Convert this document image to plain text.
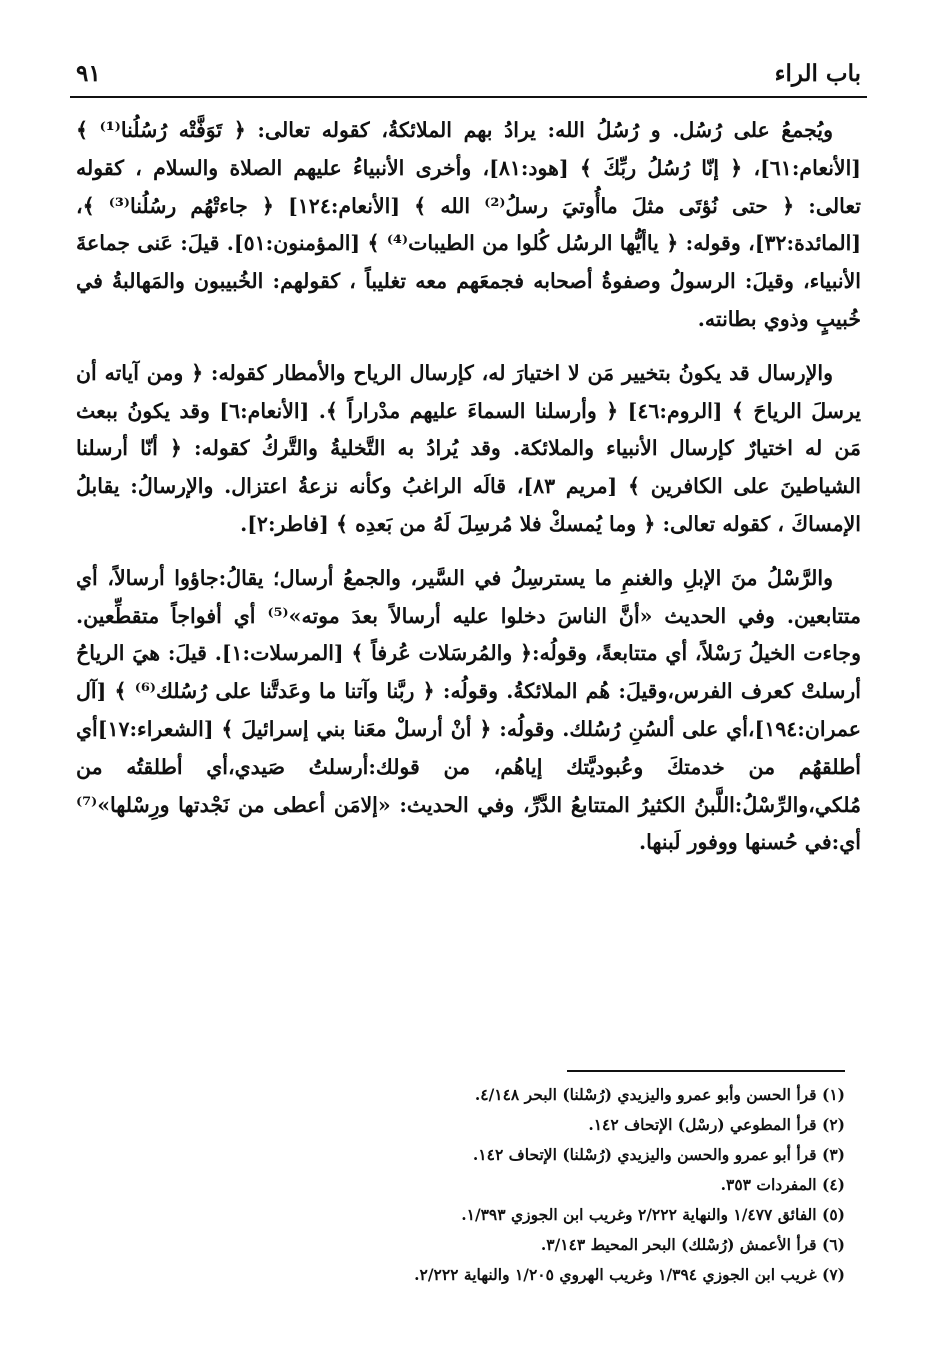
باب الراء
٩١

ويُجمعُ على رُسُل. و رُسُلُ الله: يرادُ بهم الملائكةُ، كقوله تعالى: ﴿ تَوَفَّتْه رُسُلُنا⁽¹⁾ ﴾ [الأنعام:٦١]، ﴿ إنّا رُسُلُ ربِّكَ ﴾ [هود:٨١]، وأخرى الأنبياءُ عليهم الصلاة والسلام ، كقوله تعالى: ﴿ حتى نُؤتَى مثلَ ماأُوتيَ رسلُ⁽²⁾ الله ﴾ [الأنعام:١٢٤] ﴿ جاءتْهُم رسُلُنا⁽³⁾ ﴾، [المائدة:٣٢]، وقوله: ﴿ ياأيُّها الرسُل كُلوا من الطيبات⁽⁴⁾ ﴾ [المؤمنون:٥١]. قيلَ: عَنى جماعةَ الأنبياء، وقيلَ: الرسولُ وصفوةُ أصحابه فجمعَهم معه تغليباً ، كقولهم: الخُبيبون والمَهالبةُ في خُبيبٍ وذوي بطانته.

والإرسال قد يكونُ بتخيير مَن لا اختيارَ له، كإرسال الرياح والأمطار كقوله: ﴿ ومن آياته أن يرسلَ الرياحَ ﴾ [الروم:٤٦] ﴿ وأرسلنا السماءَ عليهم مدْراراً ﴾. [الأنعام:٦] وقد يكونُ ببعث مَن له اختيارٌ كإرسال الأنبياء والملائكة. وقد يُرادُ به التَّخليةُ والتَّركُ كقوله: ﴿ أنّا أرسلنا الشياطينَ على الكافرين ﴾ [مريم ٨٣]، قالَه الراغبُ وكأنه نزعةُ اعتزال. والإرسالُ: يقابلُ الإمساكَ ، كقوله تعالى: ﴿ وما يُمسكْ فلا مُرسِلَ لَهُ من بَعدِه ﴾ [فاطر:٢].

والرَّسْلُ منَ الإبلِ والغنمِ ما يسترسِلُ في السَّير، والجمعُ أرسال؛ يقالُ:جاؤوا أرسالاً، أي متتابعين. وفي الحديث «أنَّ الناسَ دخلوا عليه أرسالاً بعدَ موته»⁽⁵⁾ أي أفواجاً متقطِّعين. وجاءت الخيلُ رَسْلاً، أي متتابعةً، وقولُه:﴿ والمُرسَلات عُرفاً ﴾ [المرسلات:١]. قيلَ: هيَ الرياحُ أرسلتْ كعرف الفرس،وقيلَ: هُم الملائكةُ. وقولُه: ﴿ ربَّنا وآتنا ما وعَدتَّنا على رُسُلك⁽⁶⁾ ﴾ [آل عمران:١٩٤]،أي على ألسُنِ رُسُلك. وقولُه: ﴿ أنْ أرسلْ معَنا بني إسرائيلَ ﴾ [الشعراء:١٧]أي أطلقهُم من خدمتكَ وعُبوديَّتك إياهُم، من قولك:أرسلتُ صَيدي،أي أطلقتُه من مُلكي،والرِّسْلُ:اللَّبنُ الكثيرُ المتتابعُ الدَّرِّ، وفي الحديث: «إلامَن أعطى من نَجْدتها ورِسْلها»⁽⁷⁾ أي:في حُسنها ووفور لَبنها.

(١) قرأ الحسن وأبو عمرو واليزيدي (رُسْلنا) البحر ٤/١٤٨.
(٢) قرأ المطوعي (رسْل) الإتحاف ١٤٢.
(٣) قرأ أبو عمرو والحسن واليزيدي (رُسْلنا) الإتحاف ١٤٢.
(٤) المفردات ٣٥٣.
(٥) الفائق ١/٤٧٧ والنهاية ٢/٢٢٢ وغريب ابن الجوزي ١/٣٩٣.
(٦) قرأ الأعمش (رُسْلك) البحر المحيط ٣/١٤٣.
(٧) غريب ابن الجوزي ١/٣٩٤ وغريب الهروي ١/٢٠٥ والنهاية ٢/٢٢٢.
